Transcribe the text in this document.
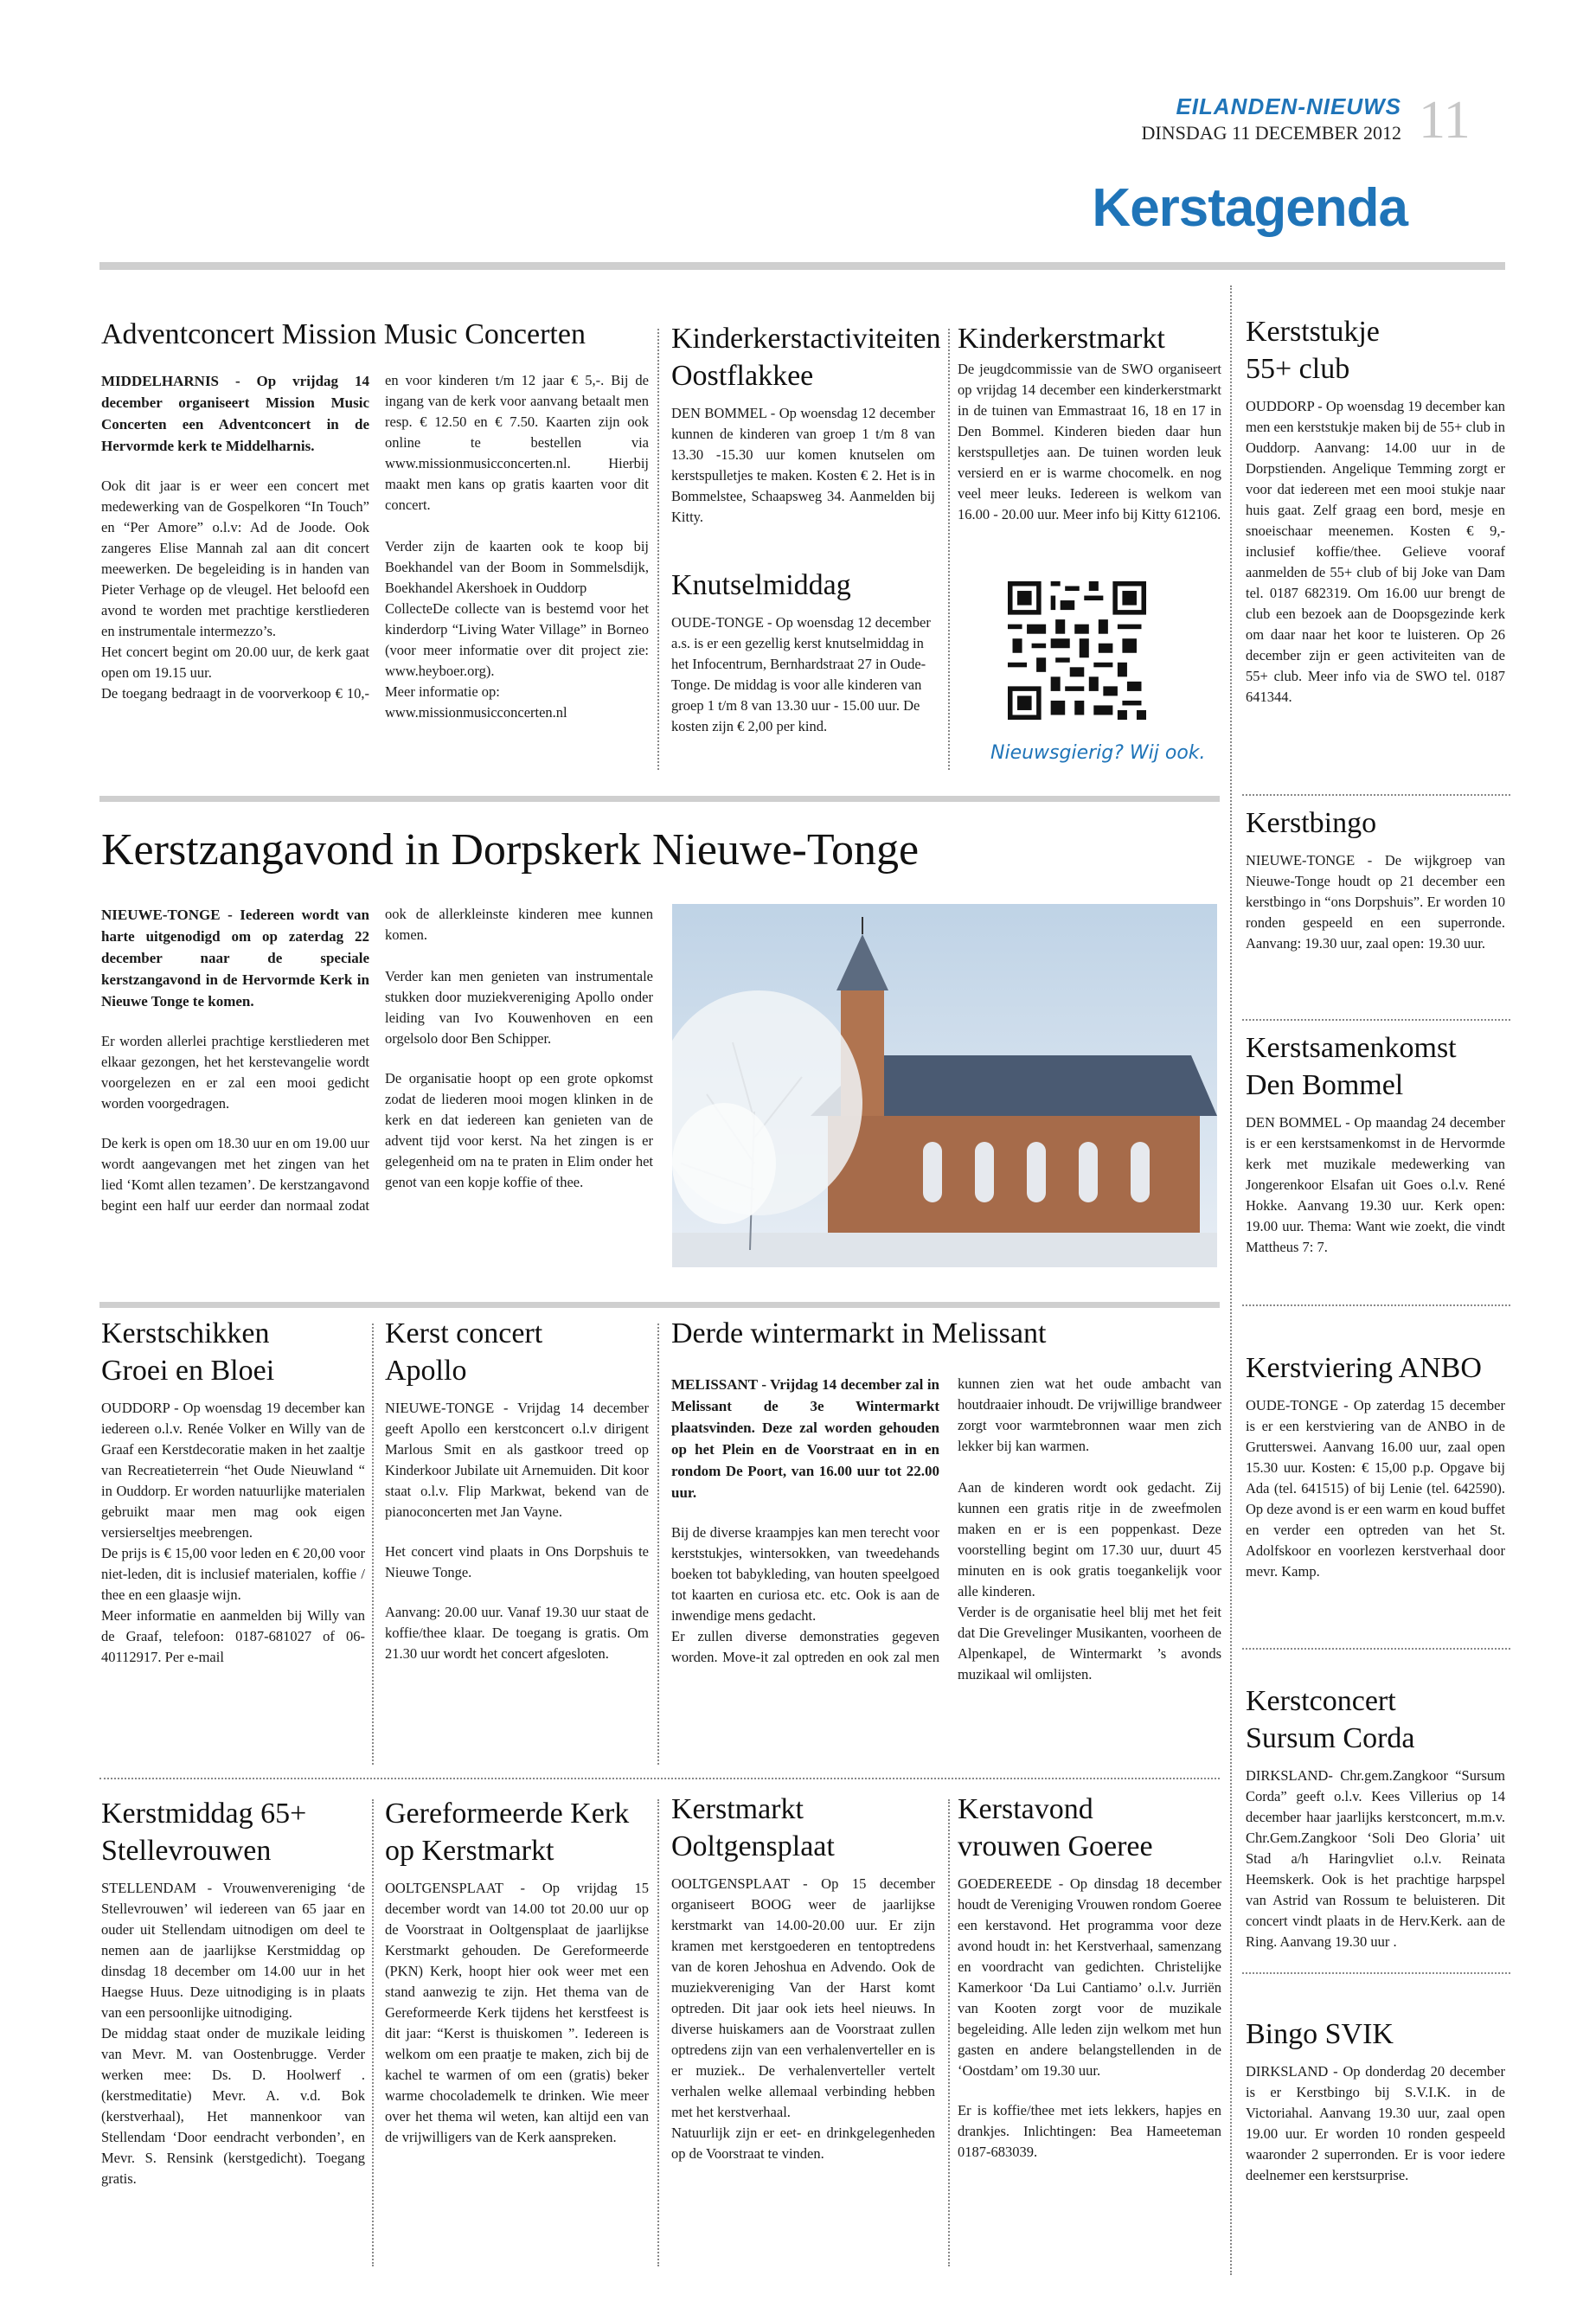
EILANDEN-NIEUWS
DINSDAG 11 DECEMBER 2012 11
Kerstagenda
Adventconcert Mission Music Concerten

MIDDELHARNIS - Op vrijdag 14 december organiseert Mission Music Concerten een Adventconcert in de Hervormde kerk te Middelharnis.

Ook dit jaar is er weer een concert met medewerking van de Gospelkoren “In Touch” en “Per Amore” o.l.v: Ad de Joode. Ook zangeres Elise Mannah zal aan dit concert meewerken. De begeleiding is in handen van Pieter Verhage op de vleugel. Het beloofd een avond te worden met prachtige kerstliederen en instrumentale intermezzo’s.

Het concert begint om 20.00 uur, de kerk gaat open om 19.15 uur.

De toegang bedraagt in de voorverkoop € 10,-

en voor kinderen t/m 12 jaar € 5,-. Bij de ingang van de kerk voor aanvang betaalt men resp. € 12.50 en € 7.50. Kaarten zijn ook online te bestellen via www.missionmusicconcerten.nl. Hierbij maakt men kans op gratis kaarten voor dit concert.

Verder zijn de kaarten ook te koop bij Boekhandel van der Boom in Sommelsdijk, Boekhandel Akershoek in Ouddorp

CollecteDe collecte van is bestemd voor het kinderdorp “Living Water Village” in Borneo (voor meer informatie over dit project zie: www.heyboer.org).

Meer informatie op: www.missionmusicconcerten.nl

Kinderkerstactiviteiten Oostflakkee

DEN BOMMEL - Op woensdag 12 december kunnen de kinderen van groep 1 t/m 8 van 13.30 -15.30 uur komen knutselen om kerstspulletjes te maken. Kosten € 2. Het is in Bommelstee, Schaapsweg 34. Aanmelden bij Kitty.

Knutselmiddag

OUDE-TONGE - Op woensdag 12 december a.s. is er een gezellig kerst knutselmiddag in het Infocentrum, Bernhardstraat 27 in Oude-Tonge. De middag is voor alle kinderen van groep 1 t/m 8 van 13.30 uur - 15.00 uur. De kosten zijn € 2,00 per kind.

Kinderkerstmarkt

De jeugdcommissie van de SWO organiseert op vrijdag 14 december een kinderkerstmarkt in de tuinen van Emmastraat 16, 18 en 17 in Den Bommel. Kinderen bieden daar hun kerstspulletjes aan. De tuinen worden leuk versierd en er is warme chocomelk. en nog veel meer leuks. Iedereen is welkom van 16.00 - 20.00 uur. Meer info bij Kitty 612106.

Nieuwsgierig? Wij ook.
Kerststukje 55+ club

OUDDORP - Op woensdag 19 december kan men een kerststukje maken bij de 55+ club in Ouddorp. Aanvang: 14.00 uur in de Dorpstienden. Angelique Temming zorgt er voor dat iedereen met een mooi stukje naar huis gaat. Zelf graag een bord, mesje en snoeischaar meenemen. Kosten € 9,- inclusief koffie/thee. Gelieve vooraf aanmelden de 55+ club of bij Joke van Dam tel. 0187 682319. Om 16.00 uur brengt de club een bezoek aan de Doopsgezinde kerk om daar naar het koor te luisteren. Op 26 december zijn er geen activiteiten van de 55+ club. Meer info via de SWO tel. 0187 641344.

Kerstzangavond in Dorpskerk Nieuwe-Tonge

NIEUWE-TONGE - Iedereen wordt van harte uitgenodigd om op zaterdag 22 december naar de speciale kerstzangavond in de Hervormde Kerk in Nieuwe Tonge te komen.

Er worden allerlei prachtige kerstliederen met elkaar gezongen, het het kerstevangelie wordt voorgelezen en er zal een mooi gedicht worden voorgedragen.

De kerk is open om 18.30 uur en om 19.00 uur wordt aangevangen met het zingen van het lied ‘Komt allen tezamen’. De kerstzangavond begint een half uur eerder dan normaal zodat

ook de allerkleinste kinderen mee kunnen komen.

Verder kan men genieten van instrumentale stukken door muziekvereniging Apollo onder leiding van Ivo Kouwenhoven en een orgelsolo door Ben Schipper.

De organisatie hoopt op een grote opkomst zodat de liederen mooi mogen klinken in de kerk en dat iedereen kan genieten van de advent tijd voor kerst. Na het zingen is er gelegenheid om na te praten in Elim onder het genot van een kopje koffie of thee.

Kerstbingo

NIEUWE-TONGE - De wijkgroep van Nieuwe-Tonge houdt op 21 december een kerstbingo in “ons Dorpshuis”. Er worden 10 ronden gespeeld en een superronde. Aanvang: 19.30 uur, zaal open: 19.30 uur.

Kerstsamenkomst Den Bommel

DEN BOMMEL - Op maandag 24 december is er een kerstsamenkomst in de Hervormde kerk met muzikale medewerking van Jongerenkoor Elsafan uit Goes o.l.v. René Hokke. Aanvang 19.30 uur. Kerk open: 19.00 uur. Thema: Want wie zoekt, die vindt Mattheus 7: 7.

Kerstschikken Groei en Bloei

OUDDORP - Op woensdag 19 december kan iedereen o.l.v. Renée Volker en Willy van de Graaf een Kerstdecoratie maken in het zaaltje van Recreatieterrein “het Oude Nieuwland “ in Ouddorp. Er worden natuurlijke materialen gebruikt maar men mag ook eigen versierseltjes meebrengen.

De prijs is € 15,00 voor leden en € 20,00 voor niet-leden, dit is inclusief materialen, koffie / thee en een glaasje wijn.

Meer informatie en aanmelden bij Willy van de Graaf, telefoon: 0187-681027 of 06-40112917. Per e-mail

Kerst concert Apollo

NIEUWE-TONGE - Vrijdag 14 december geeft Apollo een kerstconcert o.l.v dirigent Marlous Smit en als gastkoor treed op Kinderkoor Jubilate uit Arnemuiden. Dit koor staat o.l.v. Flip Markwat, bekend van de pianoconcerten met Jan Vayne.

Het concert vind plaats in Ons Dorpshuis te Nieuwe Tonge.

Aanvang: 20.00 uur. Vanaf 19.30 uur staat de koffie/thee klaar. De toegang is gratis. Om 21.30 uur wordt het concert afgesloten.

Derde wintermarkt in Melissant

MELISSANT - Vrijdag 14 december zal in Melissant de 3e Wintermarkt plaatsvinden. Deze zal worden gehouden op het Plein en de Voorstraat en in en rondom De Poort, van 16.00 uur tot 22.00 uur.

Bij de diverse kraampjes kan men terecht voor kerststukjes, wintersokken, van tweedehands boeken tot babykleding, van houten speelgoed tot kaarten en curiosa etc. etc. Ook is aan de inwendige mens gedacht.

Er zullen diverse demonstraties gegeven worden. Move-it zal optreden en ook zal men

kunnen zien wat het oude ambacht van houtdraaier inhoudt. De vrijwillige brandweer zorgt voor warmtebronnen waar men zich lekker bij kan warmen.

Aan de kinderen wordt ook gedacht. Zij kunnen een gratis ritje in de zweefmolen maken en er is een poppenkast. Deze voorstelling begint om 17.30 uur, duurt 45 minuten en is ook gratis toegankelijk voor alle kinderen.

Verder is de organisatie heel blij met het feit dat Die Grevelinger Musikanten, voorheen de Alpenkapel, de Wintermarkt ’s avonds muzikaal wil omlijsten.

Kerstviering ANBO

OUDE-TONGE - Op zaterdag 15 december is er een kerstviering van de ANBO in de Grutterswei. Aanvang 16.00 uur, zaal open 15.30 uur. Kosten: € 15,00 p.p. Opgave bij Ada (tel. 641515) of bij Lenie (tel. 642590). Op deze avond is er een warm en koud buffet en verder een optreden van het St. Adolfskoor en voorlezen kerstverhaal door mevr. Kamp.

Kerstconcert Sursum Corda

DIRKSLAND- Chr.gem.Zangkoor “Sursum Corda” geeft o.l.v. Kees Villerius op 14 december haar jaarlijks kerstconcert, m.m.v. Chr.Gem.Zangkoor ‘Soli Deo Gloria’ uit Stad a/h Haringvliet o.l.v. Reinata Heemskerk. Ook is het prachtige harpspel van Astrid van Rossum te beluisteren. Dit concert vindt plaats in de Herv.Kerk. aan de Ring. Aanvang 19.30 uur .

Bingo SVIK

DIRKSLAND - Op donderdag 20 december is er Kerstbingo bij S.V.I.K. in de Victoriahal. Aanvang 19.30 uur, zaal open 19.00 uur. Er worden 10 ronden gespeeld waaronder 2 superronden. Er is voor iedere deelnemer een kerstsurprise.

Kerstmiddag 65+ Stellevrouwen

STELLENDAM - Vrouwenvereniging ‘de Stellevrouwen’ wil iedereen van 65 jaar en ouder uit Stellendam uitnodigen om deel te nemen aan de jaarlijkse Kerstmiddag op dinsdag 18 december om 14.00 uur in het Haegse Huus. Deze uitnodiging is in plaats van een persoonlijke uitnodiging.

De middag staat onder de muzikale leiding van Mevr. M. van Oostenbrugge. Verder werken mee: Ds. D. Hoolwerf .(kerstmeditatie) Mevr. A. v.d. Bok (kerstverhaal), Het mannenkoor van Stellendam ‘Door eendracht verbonden’, en Mevr. S. Rensink (kerstgedicht). Toegang gratis.

Gereformeerde Kerk op Kerstmarkt

OOLTGENSPLAAT - Op vrijdag 15 december wordt van 14.00 tot 20.00 uur op de Voorstraat in Ooltgensplaat de jaarlijkse Kerstmarkt gehouden. De Gereformeerde (PKN) Kerk, hoopt hier ook weer met een stand aanwezig te zijn. Het thema van de Gereformeerde Kerk tijdens het kerstfeest is dit jaar: “Kerst is thuiskomen ”. Iedereen is welkom om een praatje te maken, zich bij de kachel te warmen of om een (gratis) beker warme chocolademelk te drinken. Wie meer over het thema wil weten, kan altijd een van de vrijwilligers van de Kerk aanspreken.

Kerstmarkt Ooltgensplaat

OOLTGENSPLAAT - Op 15 december organiseert BOOG weer de jaarlijkse kerstmarkt van 14.00-20.00 uur. Er zijn kramen met kerstgoederen en tentoptredens van de koren Jehoshua en Advendo. Ook de muziekvereniging Van der Harst komt optreden. Dit jaar ook iets heel nieuws. In diverse huiskamers aan de Voorstraat zullen optredens zijn van een verhalenverteller en is er muziek.. De verhalenverteller vertelt verhalen welke allemaal verbinding hebben met het kerstverhaal.

Natuurlijk zijn er eet- en drinkgelegenheden op de Voorstraat te vinden.

Kerstavond vrouwen Goeree

GOEDEREEDE - Op dinsdag 18 december houdt de Vereniging Vrouwen rondom Goeree een kerstavond. Het programma voor deze avond houdt in: het Kerstverhaal, samenzang en voordracht van gedichten. Christelijke Kamerkoor ‘Da Lui Cantiamo’ o.l.v. Jurriën van Kooten zorgt voor de muzikale begeleiding. Alle leden zijn welkom met hun gasten en andere belangstellenden in de ‘Oostdam’ om 19.30 uur.

Er is koffie/thee met iets lekkers, hapjes en drankjes. Inlichtingen: Bea Hameeteman 0187-683039.
